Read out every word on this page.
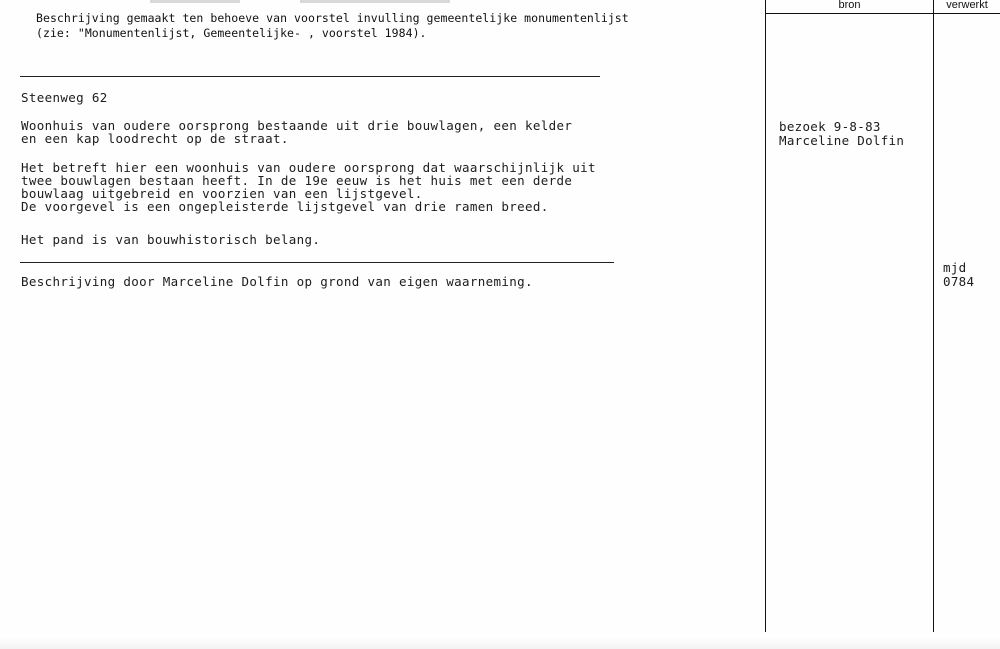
Beschrijving gemaakt ten behoeve van voorstel invulling gemeentelijke monumentenlijst
(zie: "Monumentenlijst, Gemeentelijke- , voorstel 1984).
Steenweg 62
Woonhuis van oudere oorsprong bestaande uit drie bouwlagen, een kelder
en een kap loodrecht op de straat.
Het betreft hier een woonhuis van oudere oorsprong dat waarschijnlijk uit
twee bouwlagen bestaan heeft. In de 19e eeuw is het huis met een derde
bouwlaag uitgebreid en voorzien van een lijstgevel.
De voorgevel is een ongepleisterde lijstgevel van drie ramen breed.
Het pand is van bouwhistorisch belang.
Beschrijving door Marceline Dolfin op grond van eigen waarneming.
bron	verwerkt
bezoek 9-8-83
Marceline Dolfin
mjd
0784
